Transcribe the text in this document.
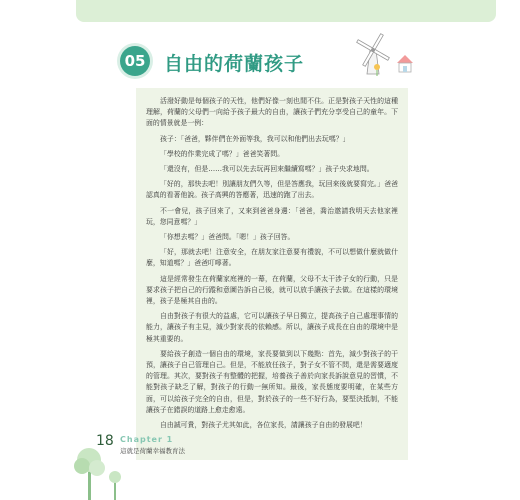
05 自由的荷蘭孩子

活潑好動是每個孩子的天性，他們好像一刻也閒不住。正是對孩子天性的這種理解，荷蘭的父母們一向給予孩子最大的自由，讓孩子們充分享受自己的童年。下面的情景就是一例：

孩子：「爸爸，夥伴們在外面等我，我可以和他們出去玩嗎？」

「學校的作業完成了嗎？」爸爸笑著問。

「還沒有，但是……我可以先去玩再回來繼續寫嗎？」孩子央求地問。

「好的，那快去吧！別讓朋友們久等，但是答應我，玩回來後就要寫完。」爸爸認真的看著他說。孩子高興的答應著，迅速的跑了出去。

不一會兒，孩子回來了，又來到爸爸身邊：「爸爸，喬治邀請我明天去他家裡玩，您同意嗎？」

「你想去嗎？」爸爸問。「嗯！」孩子回答。

「好，那就去吧！注意安全，在朋友家注意要有禮貌，不可以想做什麼就做什麼，知道嗎？」爸爸叮嚀著。

這是經常發生在荷蘭家庭裡的一幕，在荷蘭，父母不太干涉子女的行動，只是要求孩子把自己的行蹤和意圖告訴自己後，就可以放手讓孩子去做。在這樣的環境裡，孩子是極其自由的。

自由對孩子有很大的益處，它可以讓孩子早日獨立，提高孩子自己處理事情的能力，讓孩子有主見，減少對家長的依賴感。所以，讓孩子成長在自由的環境中是極其重要的。

要給孩子創造一個自由的環境，家長要做到以下幾點：首先，減少對孩子的干預，讓孩子自己管理自己。但是，不能放任孩子，對子女不管不問，還是需要適度的管理。其次，要對孩子有整體的把握，培養孩子善於向家長訴說意見的習慣，不能對孩子缺乏了解，對孩子的行動一無所知。最後，家長態度要明確，在某些方面，可以給孩子完全的自由，但是，對於孩子的一些不好行為，要堅決抵制，不能讓孩子在錯誤的道路上愈走愈遠。

自由誠可貴，對孩子尤其如此，各位家長，請讓孩子自由的發展吧！

18 Chapter 1
這就是荷蘭幸福教育法
